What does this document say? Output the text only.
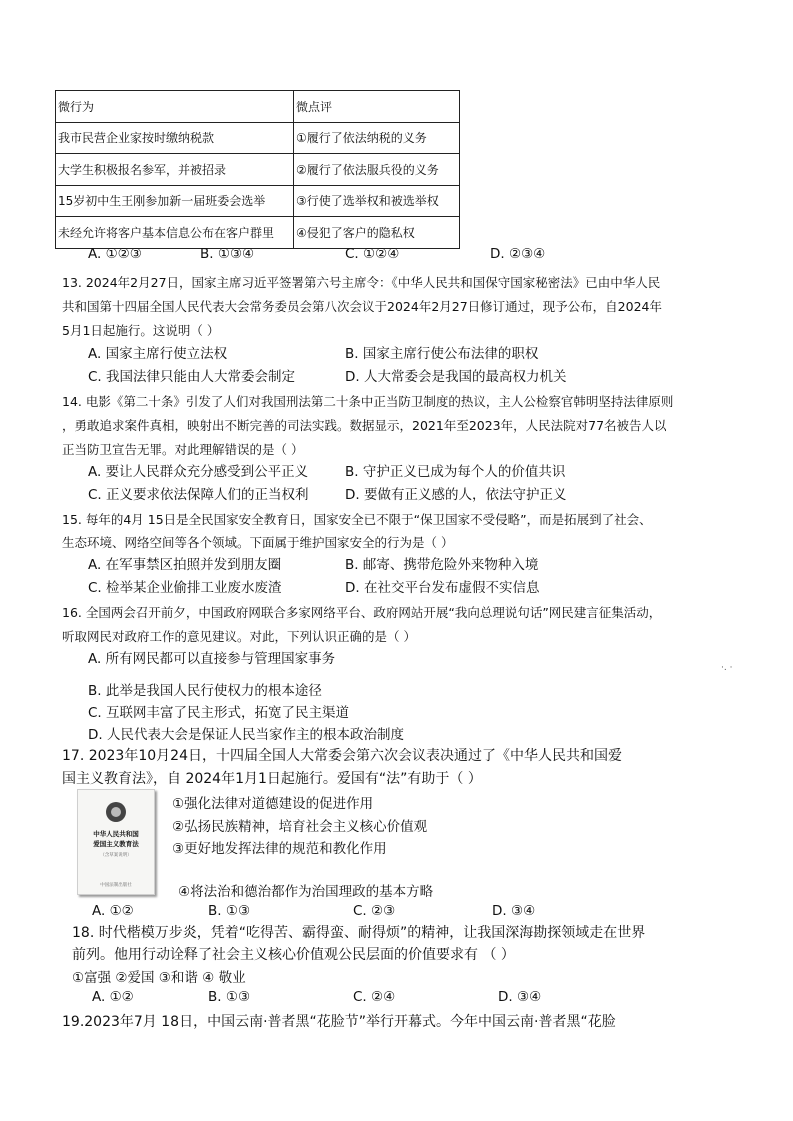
微行为	微点评
我市民营企业家按时缴纳税款	①履行了依法纳税的义务
大学生积极报名参军，并被招录	②履行了依法服兵役的义务
15岁初中生王刚参加新一届班委会选举	③行使了选举权和被选举权
未经允许将客户基本信息公布在客户群里	④侵犯了客户的隐私权
A. ①②③	B. ①③④	C. ①②④	D. ②③④
13. 2024年2月27日，国家主席习近平签署第六号主席令：《中华人民共和国保守国家秘密法》已由中华人民
共和国第十四届全国人民代表大会常务委员会第八次会议于2024年2月27日修订通过，现予公布，自2024年
5月1日起施行。这说明（ ）
A. 国家主席行使立法权	B. 国家主席行使公布法律的职权
C. 我国法律只能由人大常委会制定	D. 人大常委会是我国的最高权力机关
14. 电影《第二十条》引发了人们对我国刑法第二十条中正当防卫制度的热议，主人公检察官韩明坚持法律原则
，勇敢追求案件真相，映射出不断完善的司法实践。数据显示，2021年至2023年，人民法院对77名被告人以
正当防卫宣告无罪。对此理解错误的是（ ）
A. 要让人民群众充分感受到公平正义	B. 守护正义已成为每个人的价值共识
C. 正义要求依法保障人们的正当权利	D. 要做有正义感的人，依法守护正义
15. 每年的4月 15日是全民国家安全教育日，国家安全已不限于“保卫国家不受侵略”，而是拓展到了社会、
生态环境、网络空间等各个领域。下面属于维护国家安全的行为是（ ）
A. 在军事禁区拍照并发到朋友圈	B. 邮寄、携带危险外来物种入境
C. 检举某企业偷排工业废水废渣	D. 在社交平台发布虚假不实信息
16. 全国两会召开前夕，中国政府网联合多家网络平台、政府网站开展“我向总理说句话”网民建言征集活动，
听取网民对政府工作的意见建议。对此，下列认识正确的是（ ）
A. 所有网民都可以直接参与管理国家事务
B. 此举是我国人民行使权力的根本途径
C. 互联网丰富了民主形式，拓宽了民主渠道
D. 人民代表大会是保证人民当家作主的根本政治制度
·. ·
17. 2023年10月24日，十四届全国人大常委会第六次会议表决通过了《中华人民共和国爱
国主义教育法》，自 2024年1月1日起施行。爱国有“法”有助于（ ）
中华人民共和国
爱国主义教育法
（含草案说明）
中国法制出版社
①强化法律对道德建设的促进作用
②弘扬民族精神，培育社会主义核心价值观
③更好地发挥法律的规范和教化作用
④将法治和德治都作为治国理政的基本方略
A. ①②	B. ①③	C. ②③	D. ③④
18. 时代楷模万步炎，凭着“吃得苦、霸得蛮、耐得烦”的精神，让我国深海勘探领域走在世界
前列。他用行动诠释了社会主义核心价值观公民层面的价值要求有 （ ）
①富强 ②爱国 ③和谐 ④ 敬业
A. ①②	B. ①③	C. ②④	D. ③④
19.2023年7月 18日，中国云南·普者黑“花脸节”举行开幕式。今年中国云南·普者黑“花脸
